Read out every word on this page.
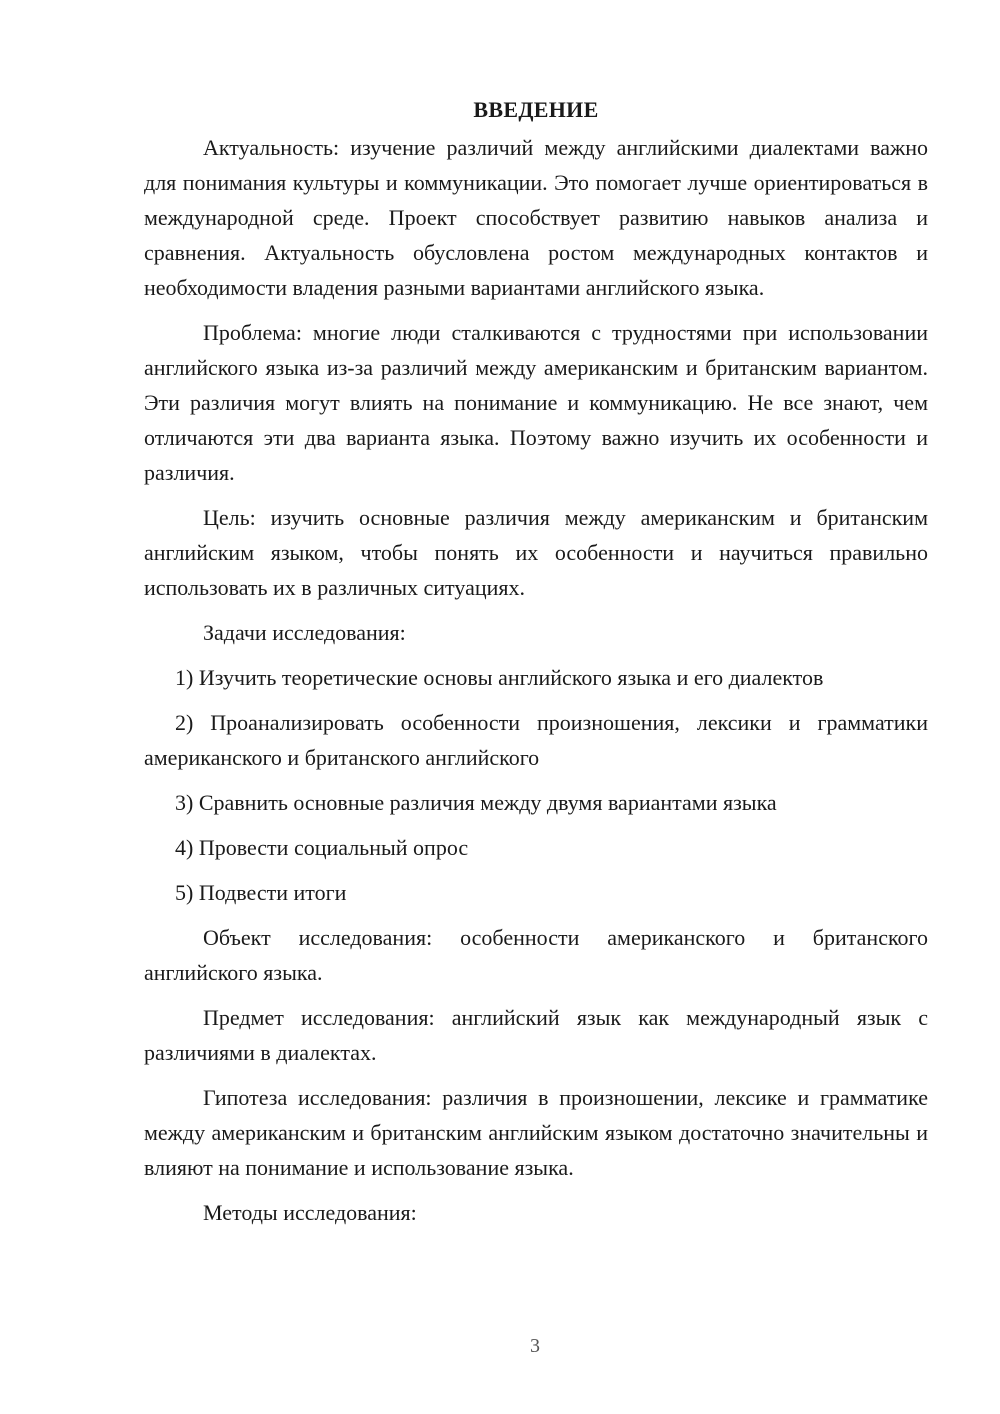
ВВЕДЕНИЕ

Актуальность: изучение различий между английскими диалектами важно для понимания культуры и коммуникации. Это помогает лучше ориентироваться в международной среде. Проект способствует развитию навыков анализа и сравнения. Актуальность обусловлена ростом международных контактов и необходимости владения разными вариантами английского языка.

Проблема: многие люди сталкиваются с трудностями при использовании английского языка из-за различий между американским и британским вариантом. Эти различия могут влиять на понимание и коммуникацию. Не все знают, чем отличаются эти два варианта языка. Поэтому важно изучить их особенности и различия.

Цель: изучить основные различия между американским и британским английским языком, чтобы понять их особенности и научиться правильно использовать их в различных ситуациях.

Задачи исследования:

1) Изучить теоретические основы английского языка и его диалектов

2) Проанализировать особенности произношения, лексики и грамматики американского и британского английского

3) Сравнить основные различия между двумя вариантами языка

4) Провести социальный опрос

5) Подвести итоги

Объект исследования: особенности американского и британского английского языка.

Предмет исследования: английский язык как международный язык с различиями в диалектах.

Гипотеза исследования: различия в произношении, лексике и грамматике между американским и британским английским языком достаточно значительны и влияют на понимание и использование языка.

Методы исследования:

3
